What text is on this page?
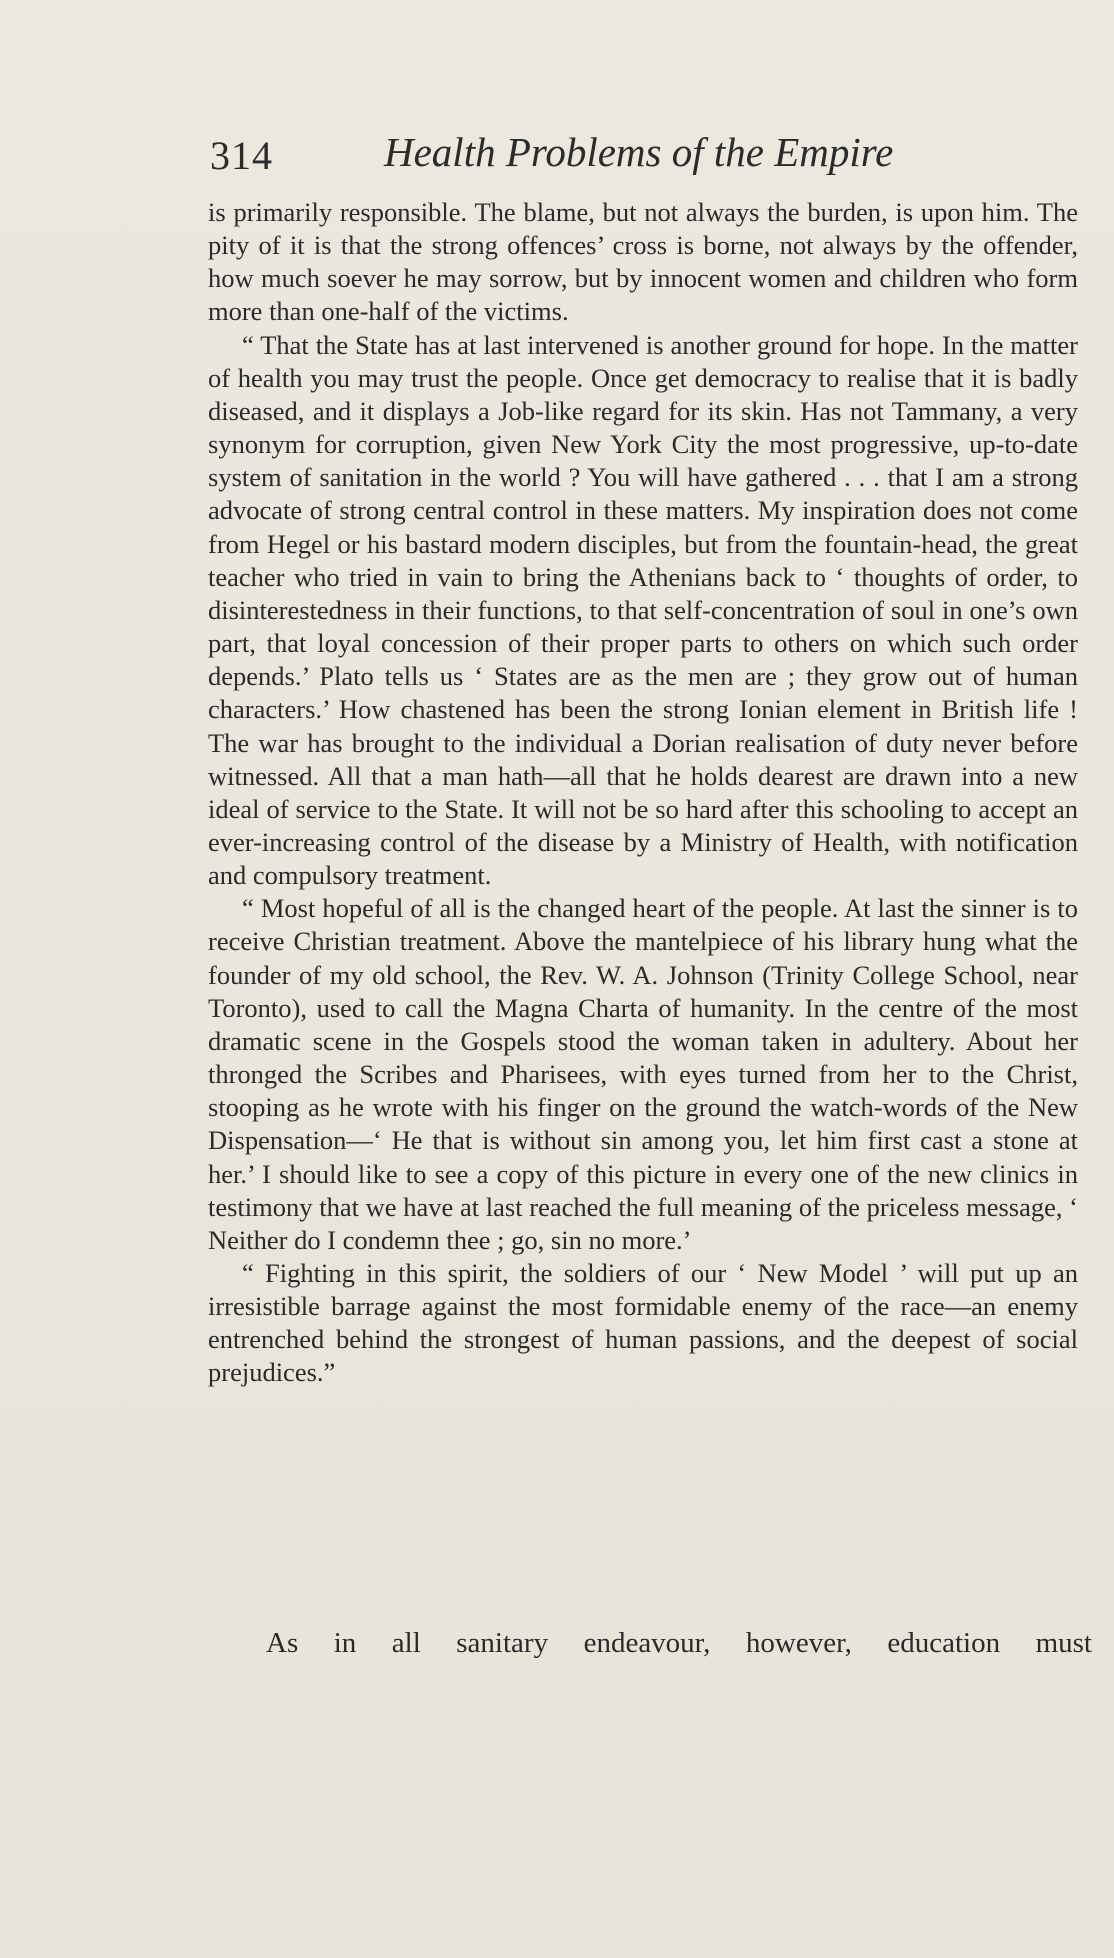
314	Health Problems of the Empire

is primarily responsible. The blame, but not always the burden, is upon him. The pity of it is that the strong offences’ cross is borne, not always by the offender, how much soever he may sorrow, but by innocent women and children who form more than one-half of the victims.

“ That the State has at last intervened is another ground for hope. In the matter of health you may trust the people. Once get democracy to realise that it is badly diseased, and it displays a Job-like regard for its skin. Has not Tammany, a very synonym for corruption, given New York City the most progressive, up-to-date system of sanitation in the world ? You will have gathered . . . that I am a strong advocate of strong central control in these matters. My inspiration does not come from Hegel or his bastard modern disciples, but from the fountain-head, the great teacher who tried in vain to bring the Athenians back to ‘ thoughts of order, to disinterestedness in their functions, to that self-concentration of soul in one’s own part, that loyal concession of their proper parts to others on which such order depends.’ Plato tells us ‘ States are as the men are ; they grow out of human characters.’ How chastened has been the strong Ionian element in British life ! The war has brought to the individual a Dorian realisation of duty never before witnessed. All that a man hath—all that he holds dearest are drawn into a new ideal of service to the State. It will not be so hard after this schooling to accept an ever-increasing control of the disease by a Ministry of Health, with notification and compulsory treatment.

“ Most hopeful of all is the changed heart of the people. At last the sinner is to receive Christian treatment. Above the mantelpiece of his library hung what the founder of my old school, the Rev. W. A. Johnson (Trinity College School, near Toronto), used to call the Magna Charta of humanity. In the centre of the most dramatic scene in the Gospels stood the woman taken in adultery. About her thronged the Scribes and Pharisees, with eyes turned from her to the Christ, stooping as he wrote with his finger on the ground the watch-words of the New Dispensation—‘ He that is without sin among you, let him first cast a stone at her.’ I should like to see a copy of this picture in every one of the new clinics in testimony that we have at last reached the full meaning of the priceless message, ‘ Neither do I condemn thee ; go, sin no more.’

“ Fighting in this spirit, the soldiers of our ‘ New Model ’ will put up an irresistible barrage against the most formidable enemy of the race—an enemy entrenched behind the strongest of human passions, and the deepest of social prejudices.”

As in all sanitary endeavour, however, education must
